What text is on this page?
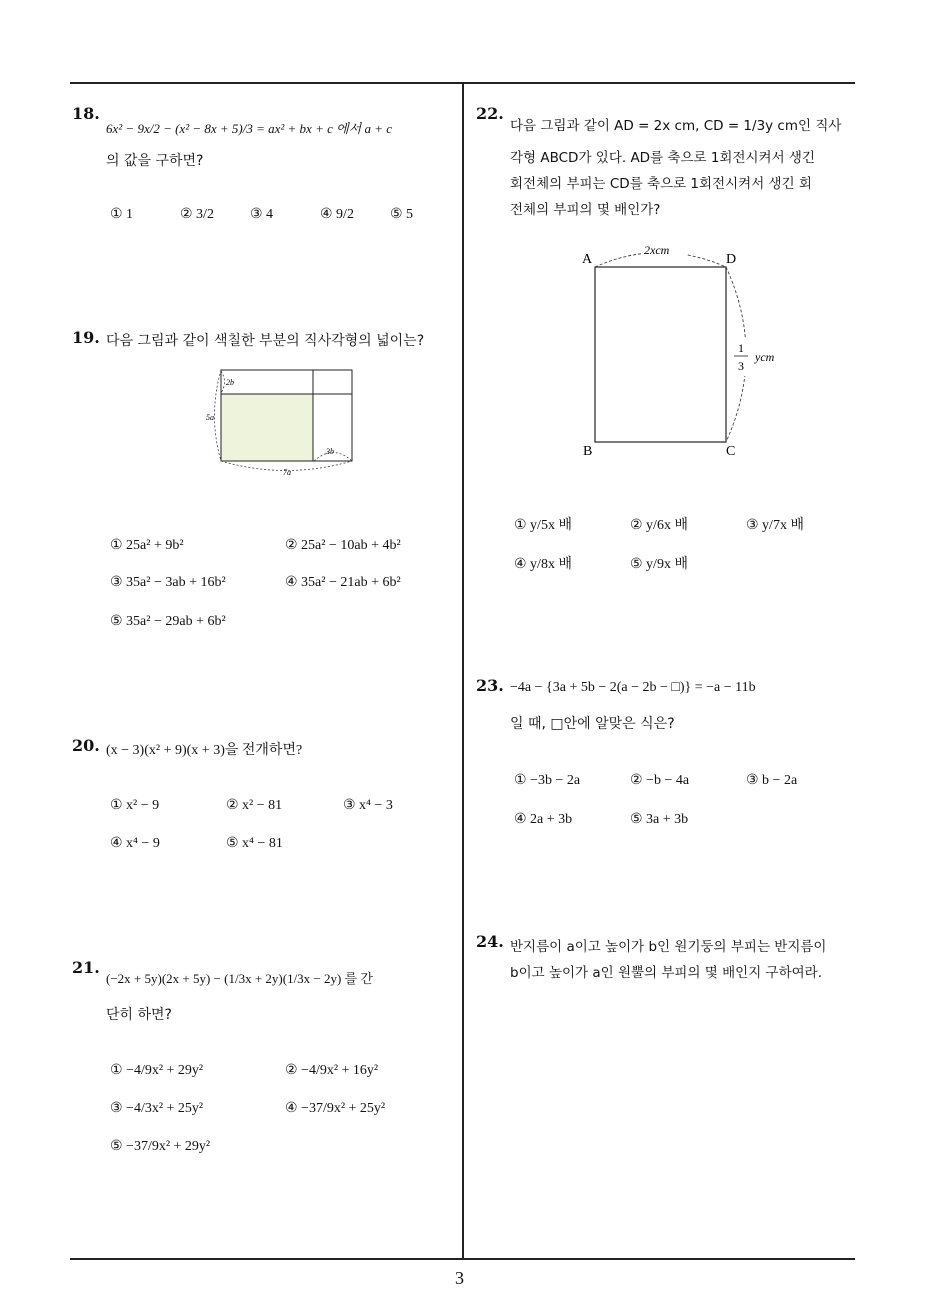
3
18.
6x² − 9x/2 − (x² − 8x + 5)/3 = ax² + bx + c 에서 a + c
의 값을 구하면?
① 1	② 3/2	③ 4	④ 9/2	⑤ 5
19. 다음 그림과 같이 색칠한 부분의 직사각형의 넓이는?
2b
5a
3b
7a
① 25a² + 9b²	② 25a² − 10ab + 4b²
③ 35a² − 3ab + 16b²	④ 35a² − 21ab + 6b²
⑤ 35a² − 29ab + 6b²
20. (x − 3)(x² + 9)(x + 3)을 전개하면?
① x² − 9	② x² − 81	③ x⁴ − 3
④ x⁴ − 9	⑤ x⁴ − 81
21.
(−2x + 5y)(2x + 5y) − (1/3x + 2y)(1/3x − 2y) 를 간
단히 하면?
① −4/9x² + 29y²	② −4/9x² + 16y²
③ −4/3x² + 25y²	④ −37/9x² + 25y²
⑤ −37/9x² + 29y²
22.
다음 그림과 같이 AD = 2x cm, CD = 1/3y cm인 직사
각형 ABCD가 있다. AD를 축으로 1회전시켜서 생긴
회전체의 부피는 CD를 축으로 1회전시켜서 생긴 회
전체의 부피의 몇 배인가?
A	D
B	C
2xcm
1
3
ycm
① y/5x 배	② y/6x 배	③ y/7x 배
④ y/8x 배	⑤ y/9x 배
23. −4a − {3a + 5b − 2(a − 2b − □)} = −a − 11b
일 때, □안에 알맞은 식은?
① −3b − 2a	② −b − 4a	③ b − 2a
④ 2a + 3b	⑤ 3a + 3b
24. 반지름이 a이고 높이가 b인 원기둥의 부피는 반지름이
b이고 높이가 a인 원뿔의 부피의 몇 배인지 구하여라.
